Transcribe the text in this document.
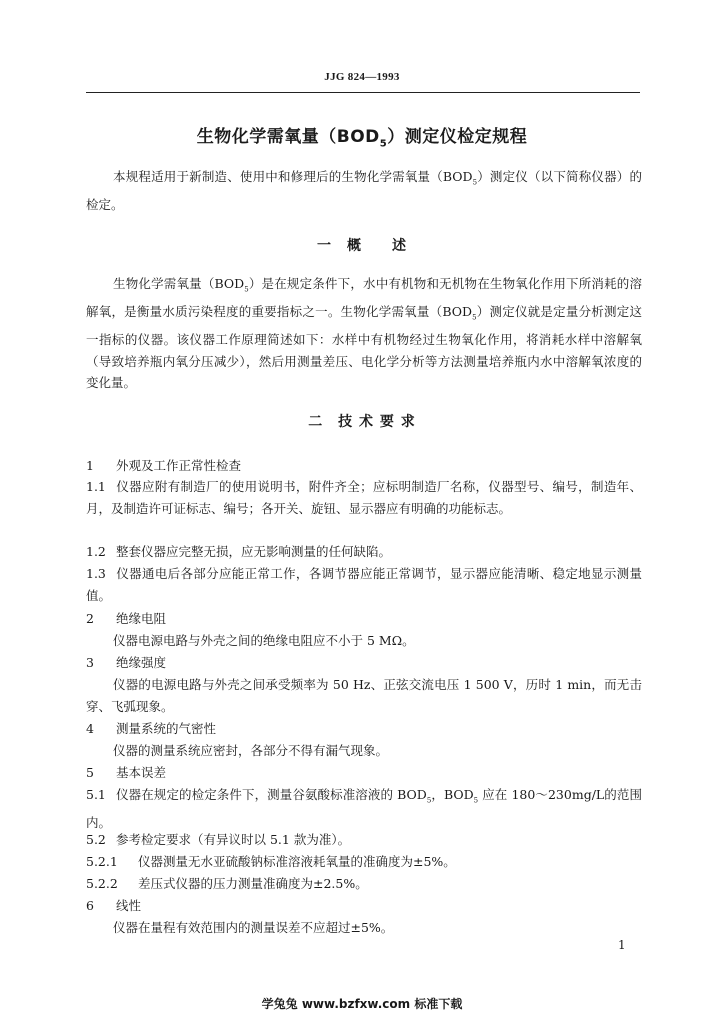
JJG 824—1993
生物化学需氧量$(BOD_5)$测定仪检定规程

本规程适用于新制造、使用中和修理后的生物化学需氧量$(BOD_5)$测定仪（以下简称仪器）的检定。

一　概　　述

生物化学需氧量$(BOD_5)$是在规定条件下，水中有机物和无机物在生物氧化作用下所消耗的溶解氧，是衡量水质污染程度的重要指标之一。生物化学需氧量$(BOD_5)$测定仪就是定量分析测定这一指标的仪器。该仪器工作原理简述如下：水样中有机物经过生物氧化作用，将消耗水样中溶解氧（导致培养瓶内氧分压减少），然后用测量差压、电化学分析等方法测量培养瓶内水中溶解氧浓度的变化量。

二　技 术 要 求

1 外观及工作正常性检查

1.1 仪器应附有制造厂的使用说明书，附件齐全；应标明制造厂名称，仪器型号、编号，制造年、月，及制造许可证标志、编号；各开关、旋钮、显示器应有明确的功能标志。

1.2 整套仪器应完整无损，应无影响测量的任何缺陷。

1.3 仪器通电后各部分应能正常工作，各调节器应能正常调节，显示器应能清晰、稳定地显示测量值。

2 绝缘电阻

仪器电源电路与外壳之间的绝缘电阻应不小于 5 MΩ。

3 绝缘强度

仪器的电源电路与外壳之间承受频率为 50 Hz、正弦交流电压 1 500 V，历时 1 min，而无击穿、飞弧现象。

4 测量系统的气密性

仪器的测量系统应密封，各部分不得有漏气现象。

5 基本误差

5.1 仪器在规定的检定条件下，测量谷氨酸标准溶液的 $BOD_5$，$BOD_5$ 应在 180～230mg/L的范围内。

5.2 参考检定要求（有异议时以 5.1 款为准）。

5.2.1 仪器测量无水亚硫酸钠标准溶液耗氧量的准确度为±5%。

5.2.2 差压式仪器的压力测量准确度为±2.5%。

6 线性

仪器在量程有效范围内的测量误差不应超过±5%。

1
学兔兔 www.bzfxw.com 标准下载
